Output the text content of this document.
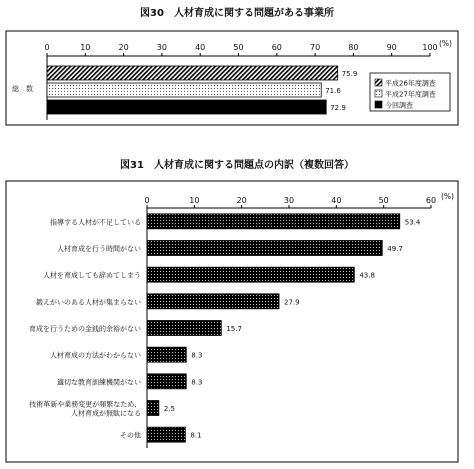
図30　人材育成に関する問題がある事業所
(%)
0	10	20	30	40	50	60	70	80	90	100
総　数
75.9
71.6
72.9
平成26年度調査
平成27年度調査
今回調査
図31　人材育成に関する問題点の内訳（複数回答）
(%)
0	10	20	30	40	50	60
指導する人材が不足している	53.4
人材育成を行う時間がない	49.7
人材を育成しても辞めてしまう	43.8
鍛えがいのある人材が集まらない	27.9
育成を行うための金銭的余裕がない	15.7
人材育成の方法がわからない	8.3
適切な教育訓練機関がない	8.3
技術革新や業務変更が頻繁なため、
人材育成が無駄になる
2.5
その他	8.1
